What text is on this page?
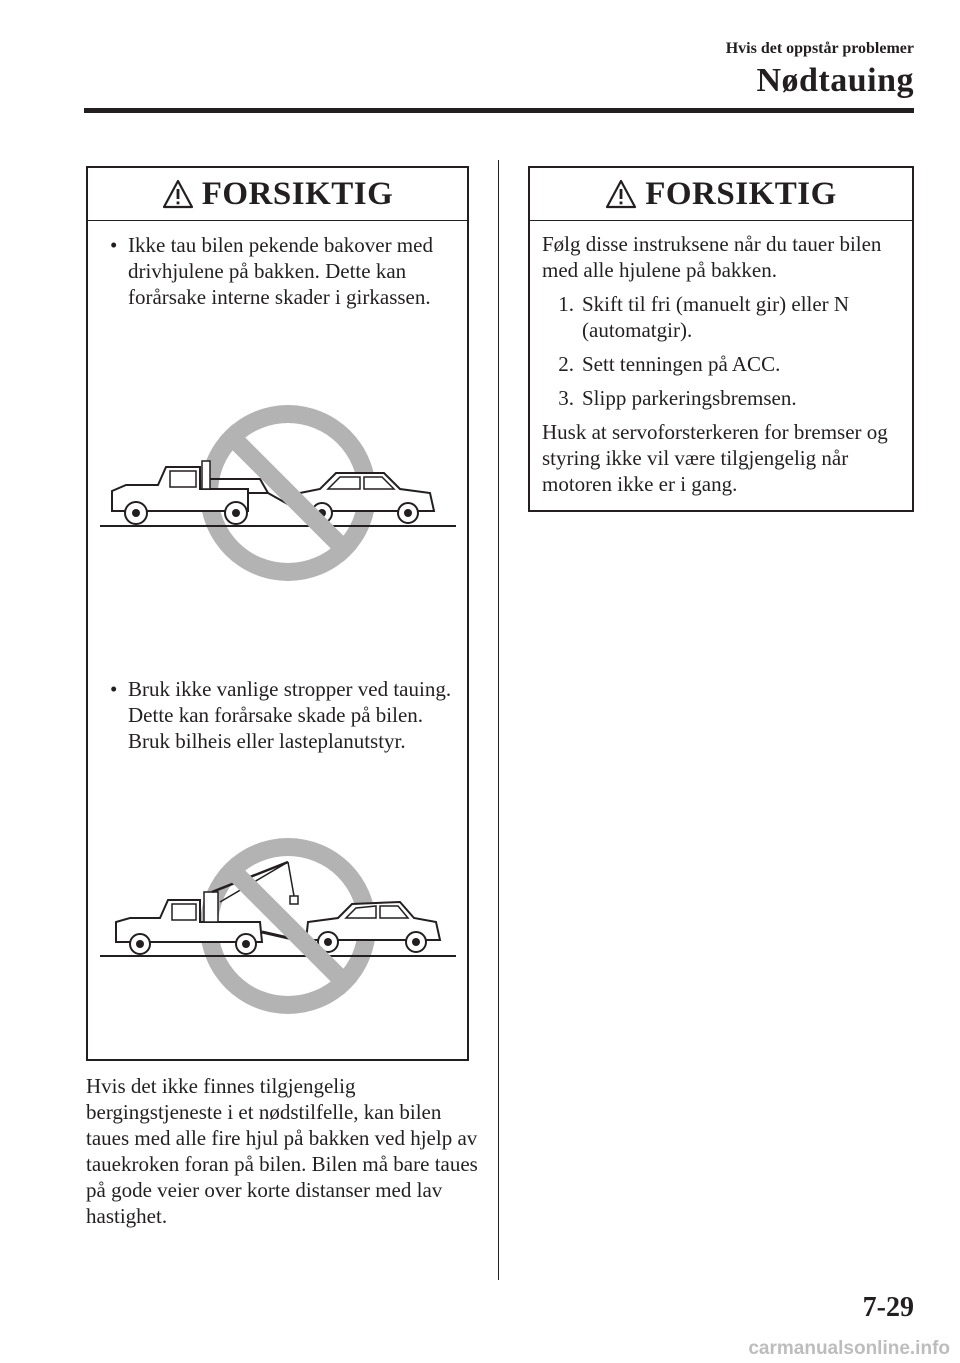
Hvis det oppstår problemer
Nødtauing
FORSIKTIG
• Ikke tau bilen pekende bakover med drivhjulene på bakken. Dette kan forårsake interne skader i girkassen.
• Bruk ikke vanlige stropper ved tauing. Dette kan forårsake skade på bilen. Bruk bilheis eller lasteplanutstyr.
Hvis det ikke finnes tilgjengelig bergingstjeneste i et nødstilfelle, kan bilen taues med alle fire hjul på bakken ved hjelp av tauekroken foran på bilen. Bilen må bare taues på gode veier over korte distanser med lav hastighet.
FORSIKTIG
Følg disse instruksene når du tauer bilen med alle hjulene på bakken.
1. Skift til fri (manuelt gir) eller N (automatgir).
2. Sett tenningen på ACC.
3. Slipp parkeringsbremsen.
Husk at servoforsterkeren for bremser og styring ikke vil være tilgjengelig når motoren ikke er i gang.
7-29
carmanualsonline.info
